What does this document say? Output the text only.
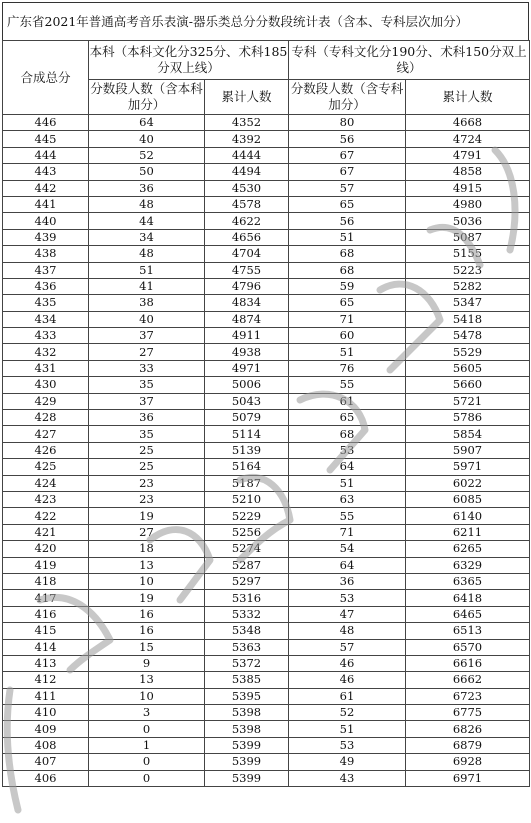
广东省2021年普通高考音乐表演-器乐类总分分数段统计表（含本、专科层次加分）
合成总分	本科（本科文化分325分、术科185分双上线）		专科（专科文化分190分、术科150分双上线）	
	分数段人数（含本科加分）	累计人数	分数段人数（含专科加分）	累计人数
446	64	4352	80	4668
445	40	4392	56	4724
444	52	4444	67	4791
443	50	4494	67	4858
442	36	4530	57	4915
441	48	4578	65	4980
440	44	4622	56	5036
439	34	4656	51	5087
438	48	4704	68	5155
437	51	4755	68	5223
436	41	4796	59	5282
435	38	4834	65	5347
434	40	4874	71	5418
433	37	4911	60	5478
432	27	4938	51	5529
431	33	4971	76	5605
430	35	5006	55	5660
429	37	5043	61	5721
428	36	5079	65	5786
427	35	5114	68	5854
426	25	5139	53	5907
425	25	5164	64	5971
424	23	5187	51	6022
423	23	5210	63	6085
422	19	5229	55	6140
421	27	5256	71	6211
420	18	5274	54	6265
419	13	5287	64	6329
418	10	5297	36	6365
417	19	5316	53	6418
416	16	5332	47	6465
415	16	5348	48	6513
414	15	5363	57	6570
413	9	5372	46	6616
412	13	5385	46	6662
411	10	5395	61	6723
410	3	5398	52	6775
409	0	5398	51	6826
408	1	5399	53	6879
407	0	5399	49	6928
406	0	5399	43	6971
